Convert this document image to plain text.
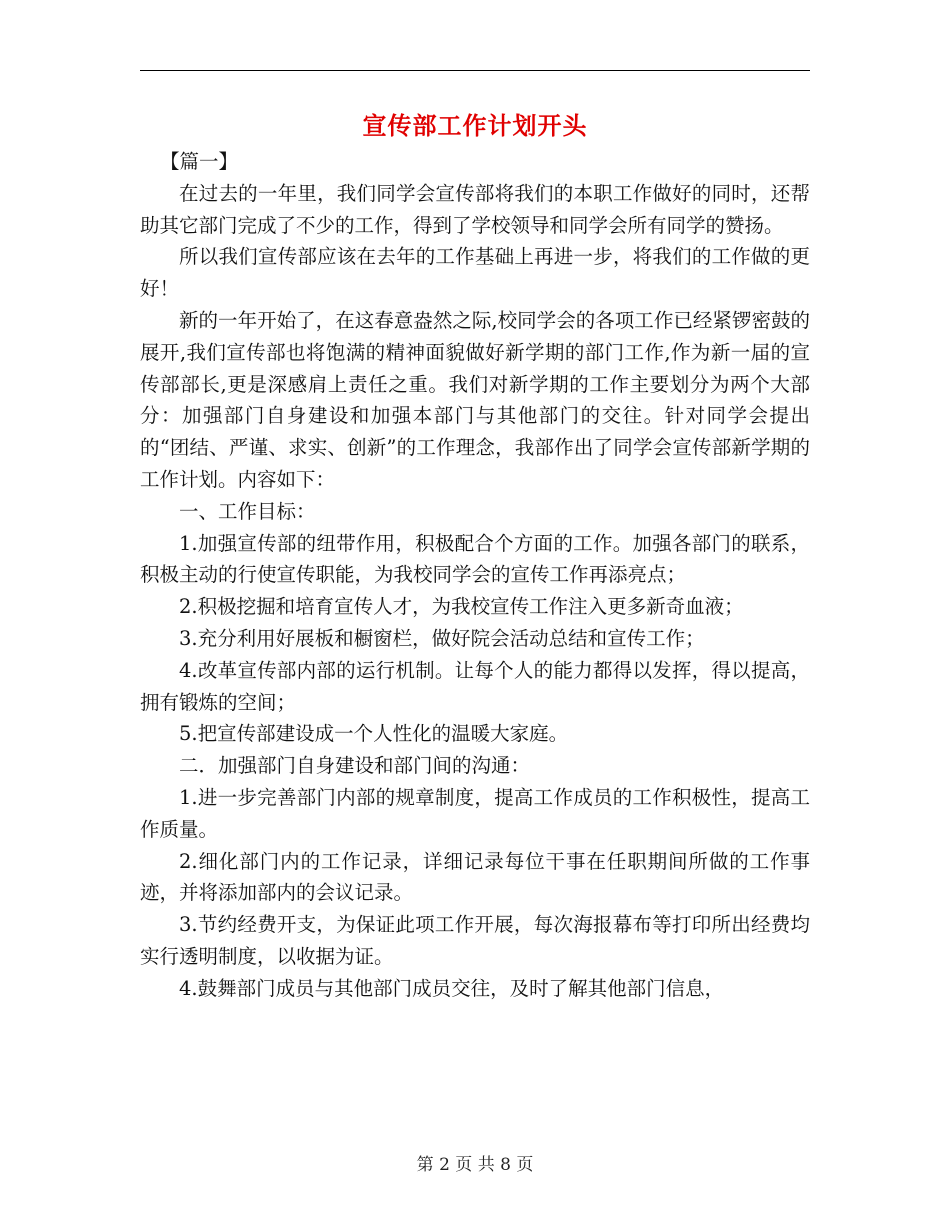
宣传部工作计划开头

【篇一】

在过去的一年里，我们同学会宣传部将我们的本职工作做好的同时，还帮助其它部门完成了不少的工作，得到了学校领导和同学会所有同学的赞扬。

所以我们宣传部应该在去年的工作基础上再进一步，将我们的工作做的更好！

新的一年开始了，在这春意盎然之际,校同学会的各项工作已经紧锣密鼓的展开,我们宣传部也将饱满的精神面貌做好新学期的部门工作,作为新一届的宣传部部长,更是深感肩上责任之重。我们对新学期的工作主要划分为两个大部分：加强部门自身建设和加强本部门与其他部门的交往。针对同学会提出的“团结、严谨、求实、创新”的工作理念，我部作出了同学会宣传部新学期的工作计划。内容如下：

一、工作目标：

1.加强宣传部的纽带作用，积极配合个方面的工作。加强各部门的联系，积极主动的行使宣传职能，为我校同学会的宣传工作再添亮点；

2.积极挖掘和培育宣传人才，为我校宣传工作注入更多新奇血液；

3.充分利用好展板和橱窗栏，做好院会活动总结和宣传工作；

4.改革宣传部内部的运行机制。让每个人的能力都得以发挥，得以提高，拥有锻炼的空间；

5.把宣传部建设成一个人性化的温暖大家庭。

二．加强部门自身建设和部门间的沟通：

1.进一步完善部门内部的规章制度，提高工作成员的工作积极性，提高工作质量。

2.细化部门内的工作记录，详细记录每位干事在任职期间所做的工作事迹，并将添加部内的会议记录。

3.节约经费开支，为保证此项工作开展，每次海报幕布等打印所出经费均实行透明制度，以收据为证。

4.鼓舞部门成员与其他部门成员交往，及时了解其他部门信息，

第 2 页 共 8 页
